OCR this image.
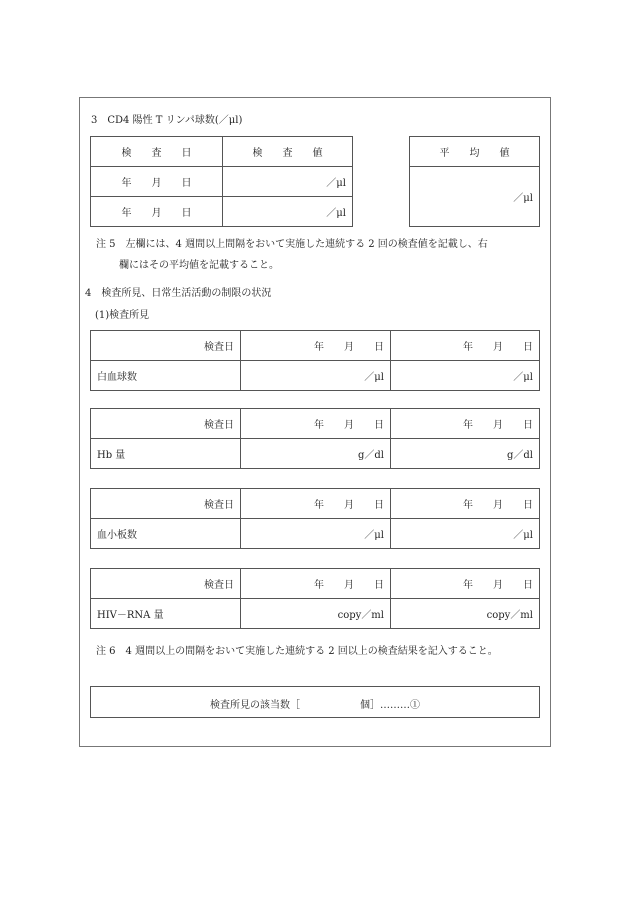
3　CD4 陽性 T リンパ球数(／μl)
検　　査　　日	検　　査　　値
年　　月　　日	／μl
年　　月　　日	／μl
平　　均　　値
／μl
注 5　左欄には、4 週間以上間隔をおいて実施した連続する 2 回の検査値を記載し、右
欄にはその平均値を記載すること。
4　検査所見、日常生活活動の制限の状況
(1)検査所見
検査日	年　　月　　日	年　　月　　日
白血球数	／μl	／μl
検査日	年　　月　　日	年　　月　　日
Hb 量	g／dl	g／dl
検査日	年　　月　　日	年　　月　　日
血小板数	／μl	／μl
検査日	年　　月　　日	年　　月　　日
HIV－RNA 量	copy／ml	copy／ml
注 6　4 週間以上の間隔をおいて実施した連続する 2 回以上の検査結果を記入すること。
検査所見の該当数［　　　　　　個］………①
